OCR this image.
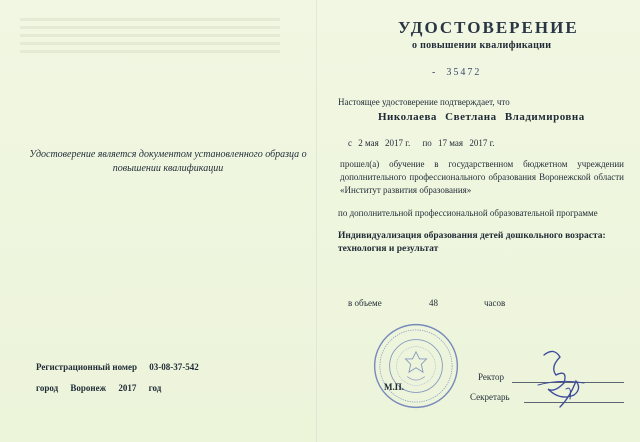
УДОСТОВЕРЕНИЕ
о повышении квалификации
-  35472
Удостоверение является документом установленного образца о повышении квалификации
Настоящее удостоверение подтверждает, что
Николаева Светлана Владимировна
с 2 мая 2017 г. по 17 мая 2017 г.
прошел(а) обучение в государственном бюджетном учреждении дополнительного профессионального образования Воронежской области «Институт развития образования»
по дополнительной профессиональной образовательной программе
Индивидуализация образования детей дошкольного возраста: технология и результат
в объеме	48	часов
Регистрационный номер 03-08-37-542
город Воронеж 2017 год	М.П.
Ректор
Секретарь
